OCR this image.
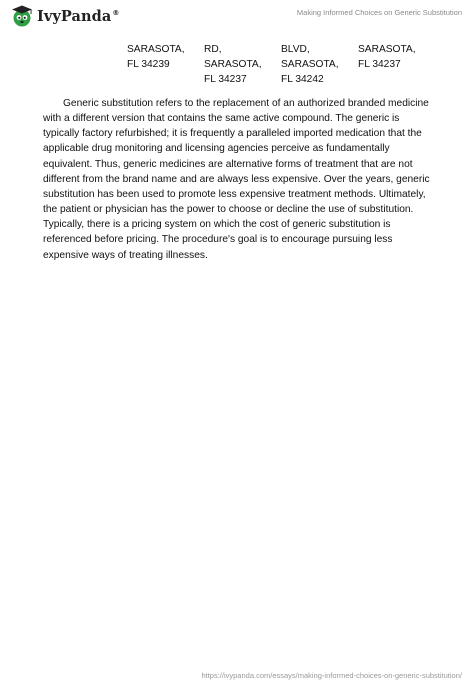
IvyPanda®	Making Informed Choices on Generic Substitution
SARASOTA,
FL 34239
RD,
SARASOTA,
FL 34237
BLVD,
SARASOTA,
FL 34242
SARASOTA,
FL 34237

Generic substitution refers to the replacement of an authorized branded medicine with a different version that contains the same active compound. The generic is typically factory refurbished; it is frequently a paralleled imported medication that the applicable drug monitoring and licensing agencies perceive as fundamentally equivalent. Thus, generic medicines are alternative forms of treatment that are not different from the brand name and are always less expensive. Over the years, generic substitution has been used to promote less expensive treatment methods. Ultimately, the patient or physician has the power to choose or decline the use of substitution. Typically, there is a pricing system on which the cost of generic substitution is referenced before pricing. The procedure's goal is to encourage pursuing less expensive ways of treating illnesses.

https://ivypanda.com/essays/making-informed-choices-on-generic-substitution/
